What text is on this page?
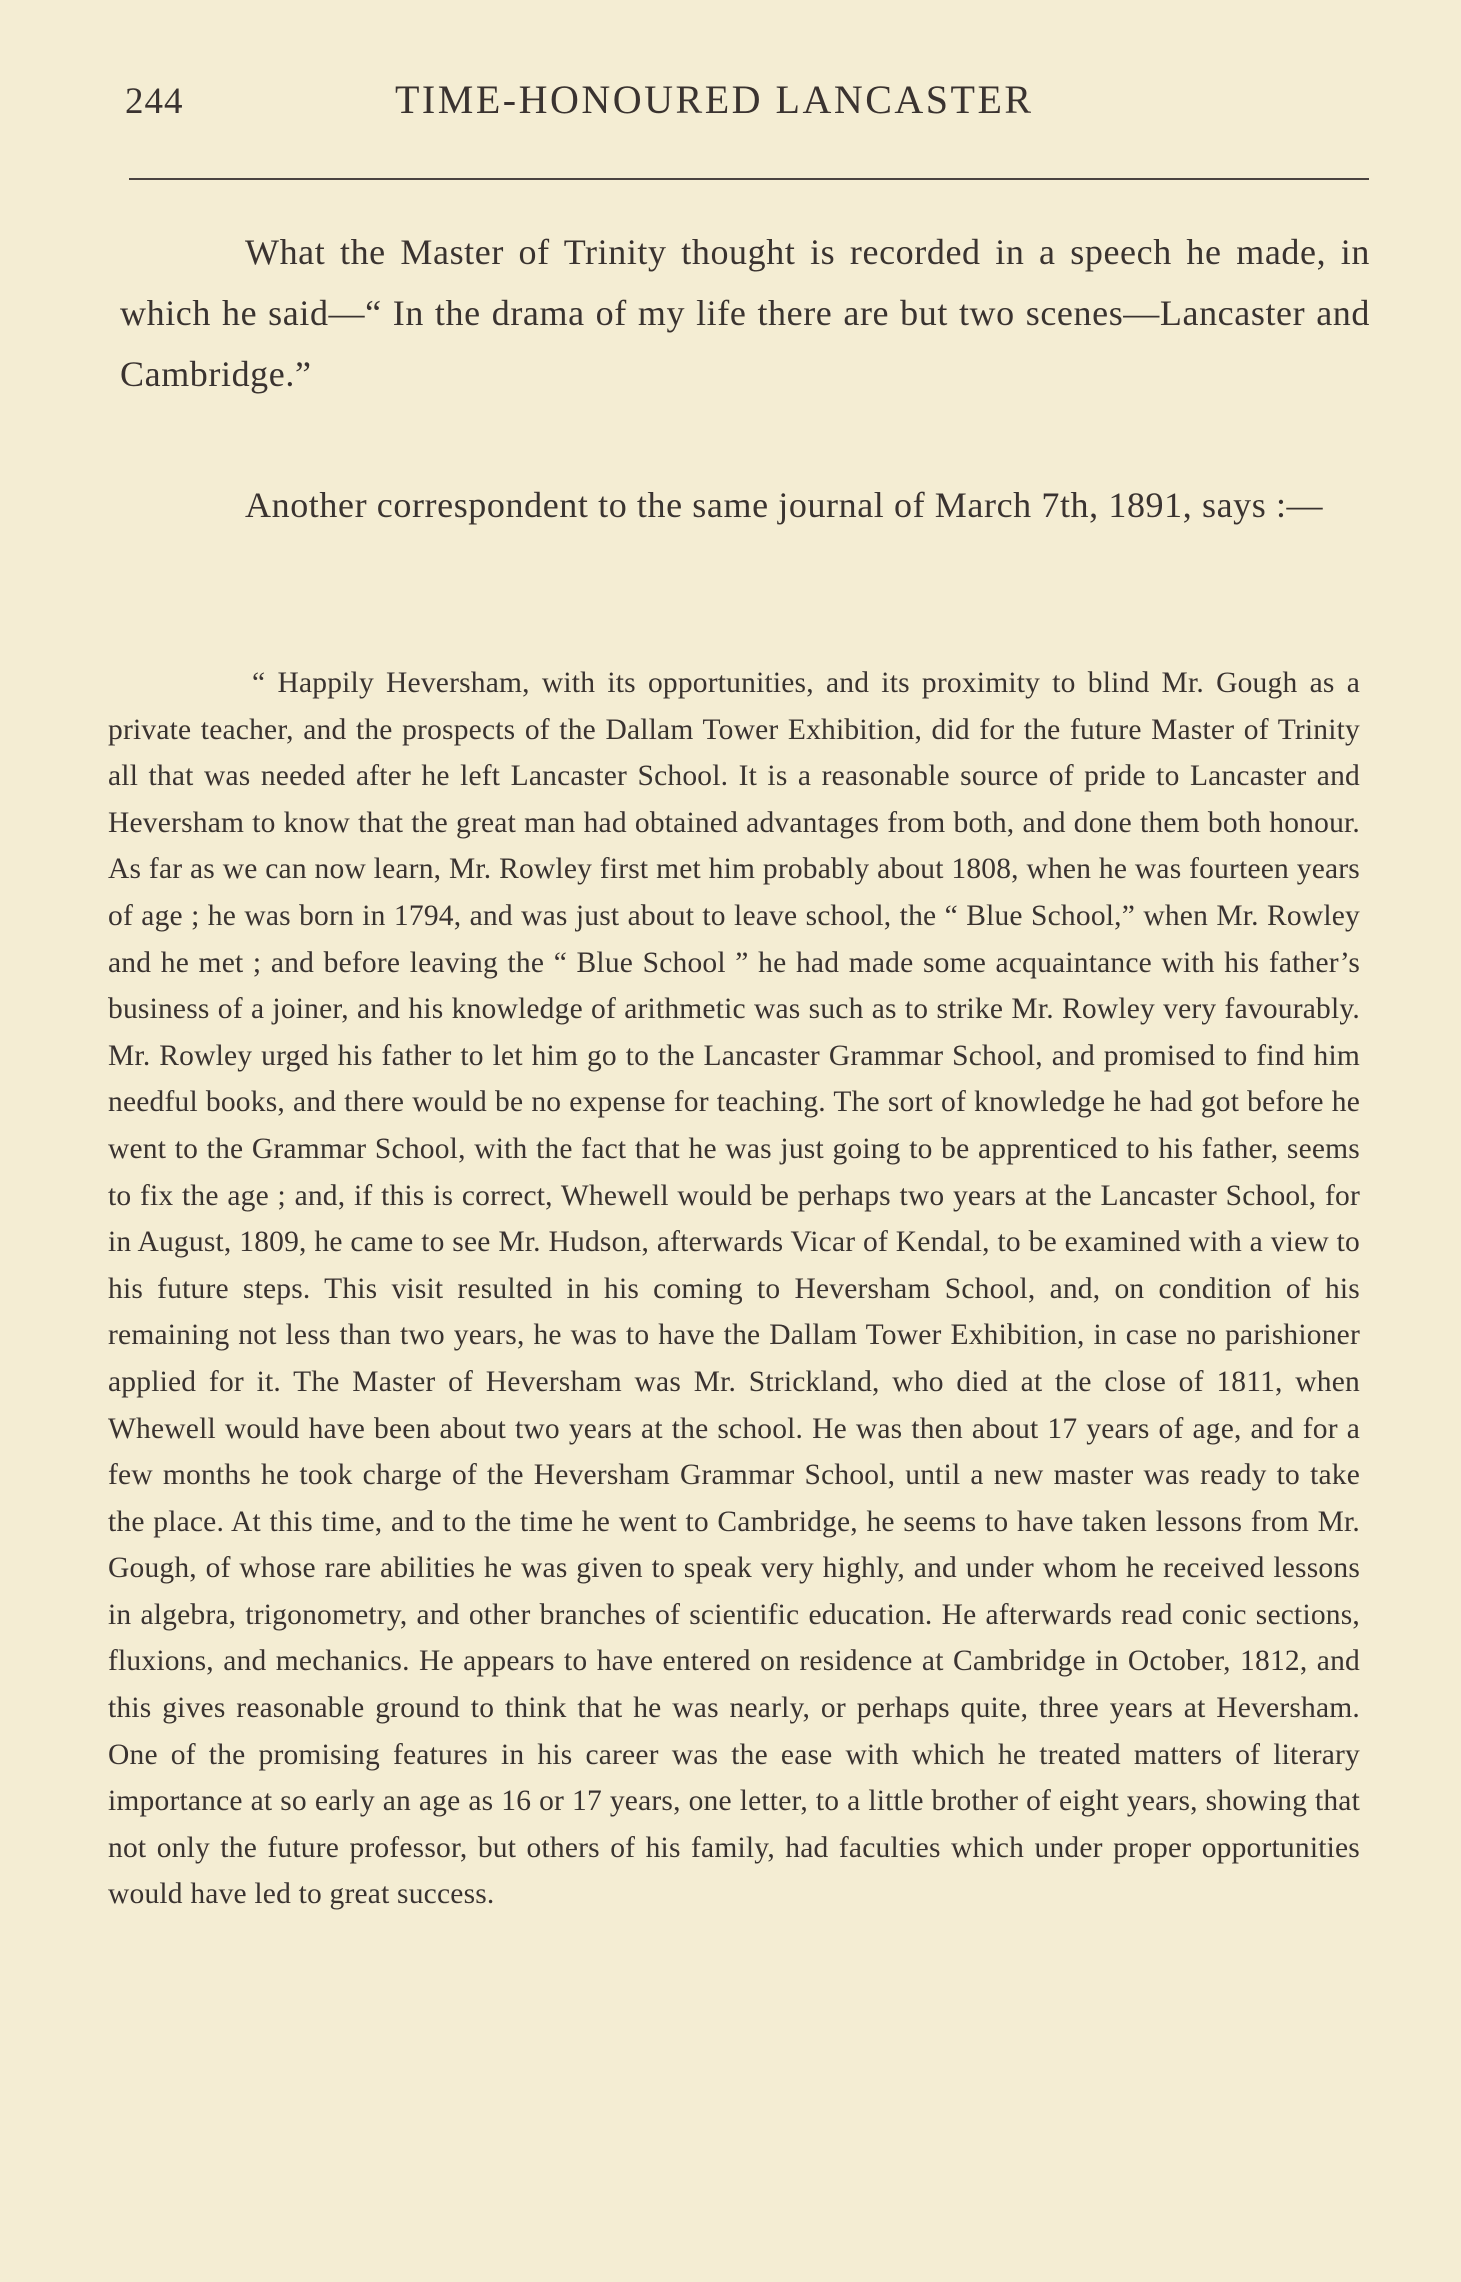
244	TIME-HONOURED LANCASTER

What the Master of Trinity thought is recorded in a speech he made, in which he said—“ In the drama of my life there are but two scenes—Lancaster and Cambridge.”

Another correspondent to the same journal of March 7th, 1891, says :—

“ Happily Heversham, with its opportunities, and its proximity to blind Mr. Gough as a private teacher, and the prospects of the Dallam Tower Exhibition, did for the future Master of Trinity all that was needed after he left Lancaster School. It is a reasonable source of pride to Lancaster and Heversham to know that the great man had obtained advantages from both, and done them both honour. As far as we can now learn, Mr. Rowley first met him probably about 1808, when he was fourteen years of age ; he was born in 1794, and was just about to leave school, the “ Blue School,” when Mr. Rowley and he met ; and before leaving the “ Blue School ” he had made some acquaintance with his father’s business of a joiner, and his knowledge of arithmetic was such as to strike Mr. Rowley very favourably. Mr. Rowley urged his father to let him go to the Lancaster Grammar School, and promised to find him needful books, and there would be no expense for teaching. The sort of knowledge he had got before he went to the Grammar School, with the fact that he was just going to be apprenticed to his father, seems to fix the age ; and, if this is correct, Whewell would be perhaps two years at the Lancaster School, for in August, 1809, he came to see Mr. Hudson, afterwards Vicar of Kendal, to be examined with a view to his future steps. This visit resulted in his coming to Heversham School, and, on condition of his remaining not less than two years, he was to have the Dallam Tower Exhibition, in case no parishioner applied for it. The Master of Heversham was Mr. Strickland, who died at the close of 1811, when Whewell would have been about two years at the school. He was then about 17 years of age, and for a few months he took charge of the Heversham Grammar School, until a new master was ready to take the place. At this time, and to the time he went to Cambridge, he seems to have taken lessons from Mr. Gough, of whose rare abilities he was given to speak very highly, and under whom he received lessons in algebra, trigonometry, and other branches of scientific education. He afterwards read conic sections, fluxions, and mechanics. He appears to have entered on residence at Cambridge in October, 1812, and this gives reasonable ground to think that he was nearly, or perhaps quite, three years at Heversham. One of the promising features in his career was the ease with which he treated matters of literary importance at so early an age as 16 or 17 years, one letter, to a little brother of eight years, showing that not only the future professor, but others of his family, had faculties which under proper opportunities would have led to great success.
